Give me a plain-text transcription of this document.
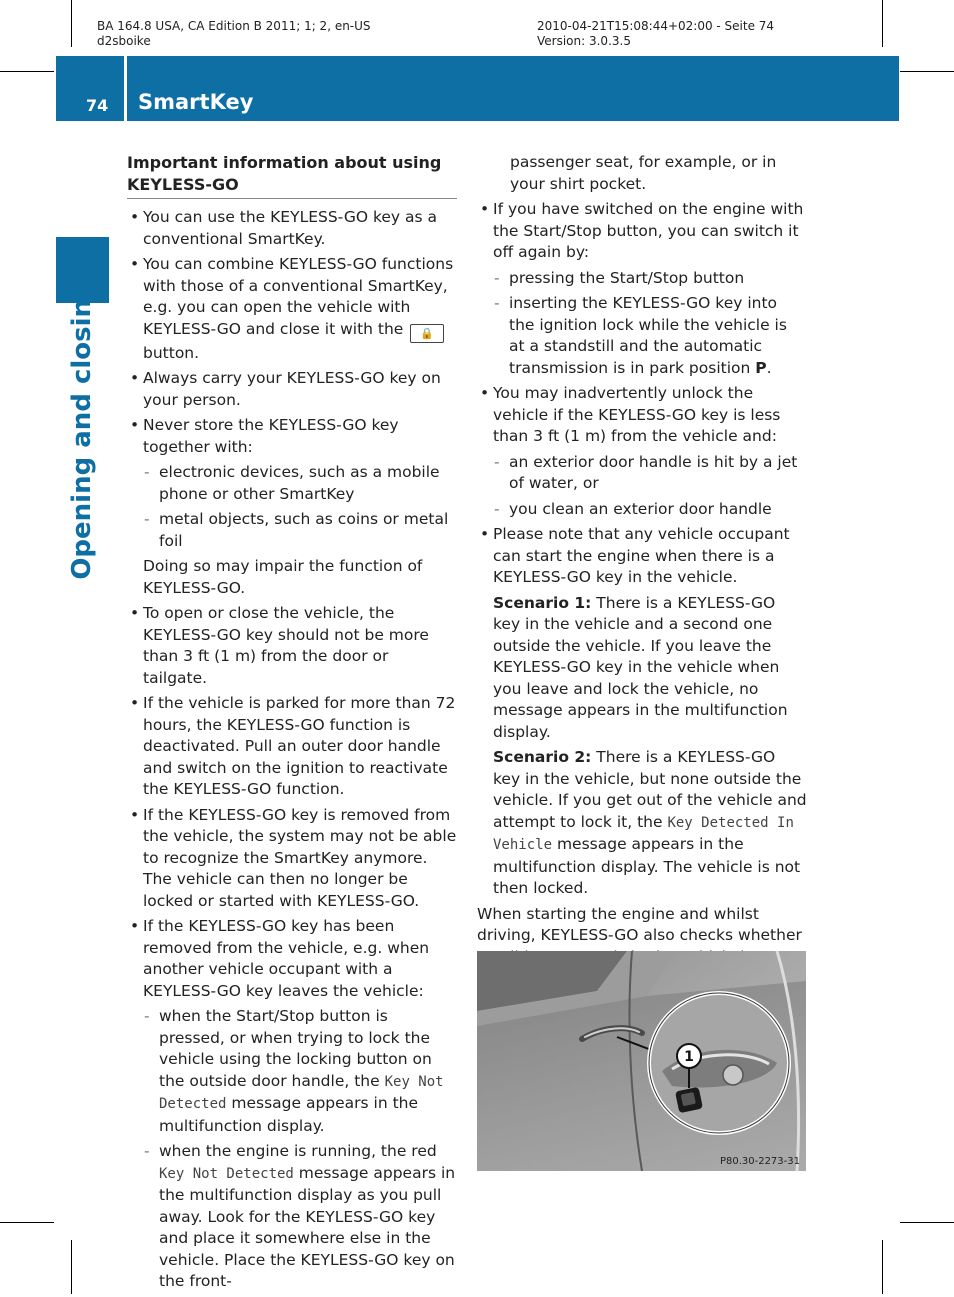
BA 164.8 USA, CA Edition B 2011; 1; 2, en-US
d2sboike
2010-04-21T15:08:44+02:00 - Seite 74
Version: 3.0.3.5
74 SmartKey
Opening and closing
Important information about using KEYLESS-GO
• You can use the KEYLESS-GO key as a conventional SmartKey.
• You can combine KEYLESS-GO functions with those of a conventional SmartKey, e.g. you can open the vehicle with KEYLESS-GO and close it with the 🔒 button.
• Always carry your KEYLESS-GO key on your person.
• Never store the KEYLESS-GO key together with:
- electronic devices, such as a mobile phone or other SmartKey
- metal objects, such as coins or metal foil
Doing so may impair the function of KEYLESS-GO.
• To open or close the vehicle, the KEYLESS-GO key should not be more than 3 ft (1 m) from the door or tailgate.
• If the vehicle is parked for more than 72 hours, the KEYLESS-GO function is deactivated. Pull an outer door handle and switch on the ignition to reactivate the KEYLESS-GO function.
• If the KEYLESS-GO key is removed from the vehicle, the system may not be able to recognize the SmartKey anymore. The vehicle can then no longer be locked or started with KEYLESS-GO.
• If the KEYLESS-GO key has been removed from the vehicle, e.g. when another vehicle occupant with a KEYLESS-GO key leaves the vehicle:
- when the Start/Stop button is pressed, or when trying to lock the vehicle using the locking button on the outside door handle, the Key Not Detected message appears in the multifunction display.
- when the engine is running, the red Key Not Detected message appears in the multifunction display as you pull away. Look for the KEYLESS-GO key and place it somewhere else in the vehicle. Place the KEYLESS-GO key on the front-
passenger seat, for example, or in your shirt pocket.
• If you have switched on the engine with the Start/Stop button, you can switch it off again by:
- pressing the Start/Stop button
- inserting the KEYLESS-GO key into the ignition lock while the vehicle is at a standstill and the automatic transmission is in park position P.
• You may inadvertently unlock the vehicle if the KEYLESS-GO key is less than 3 ft (1 m) from the vehicle and:
- an exterior door handle is hit by a jet of water, or
- you clean an exterior door handle
• Please note that any vehicle occupant can start the engine when there is a KEYLESS-GO key in the vehicle.
Scenario 1: There is a KEYLESS-GO key in the vehicle and a second one outside the vehicle. If you leave the KEYLESS-GO key in the vehicle when you leave and lock the vehicle, no message appears in the multifunction display.
Scenario 2: There is a KEYLESS-GO key in the vehicle, but none outside the vehicle. If you get out of the vehicle and attempt to lock it, the Key Detected In Vehicle message appears in the multifunction display. The vehicle is not then locked.
When starting the engine and whilst driving, KEYLESS-GO also checks whether
1
P80.30-2273-31
